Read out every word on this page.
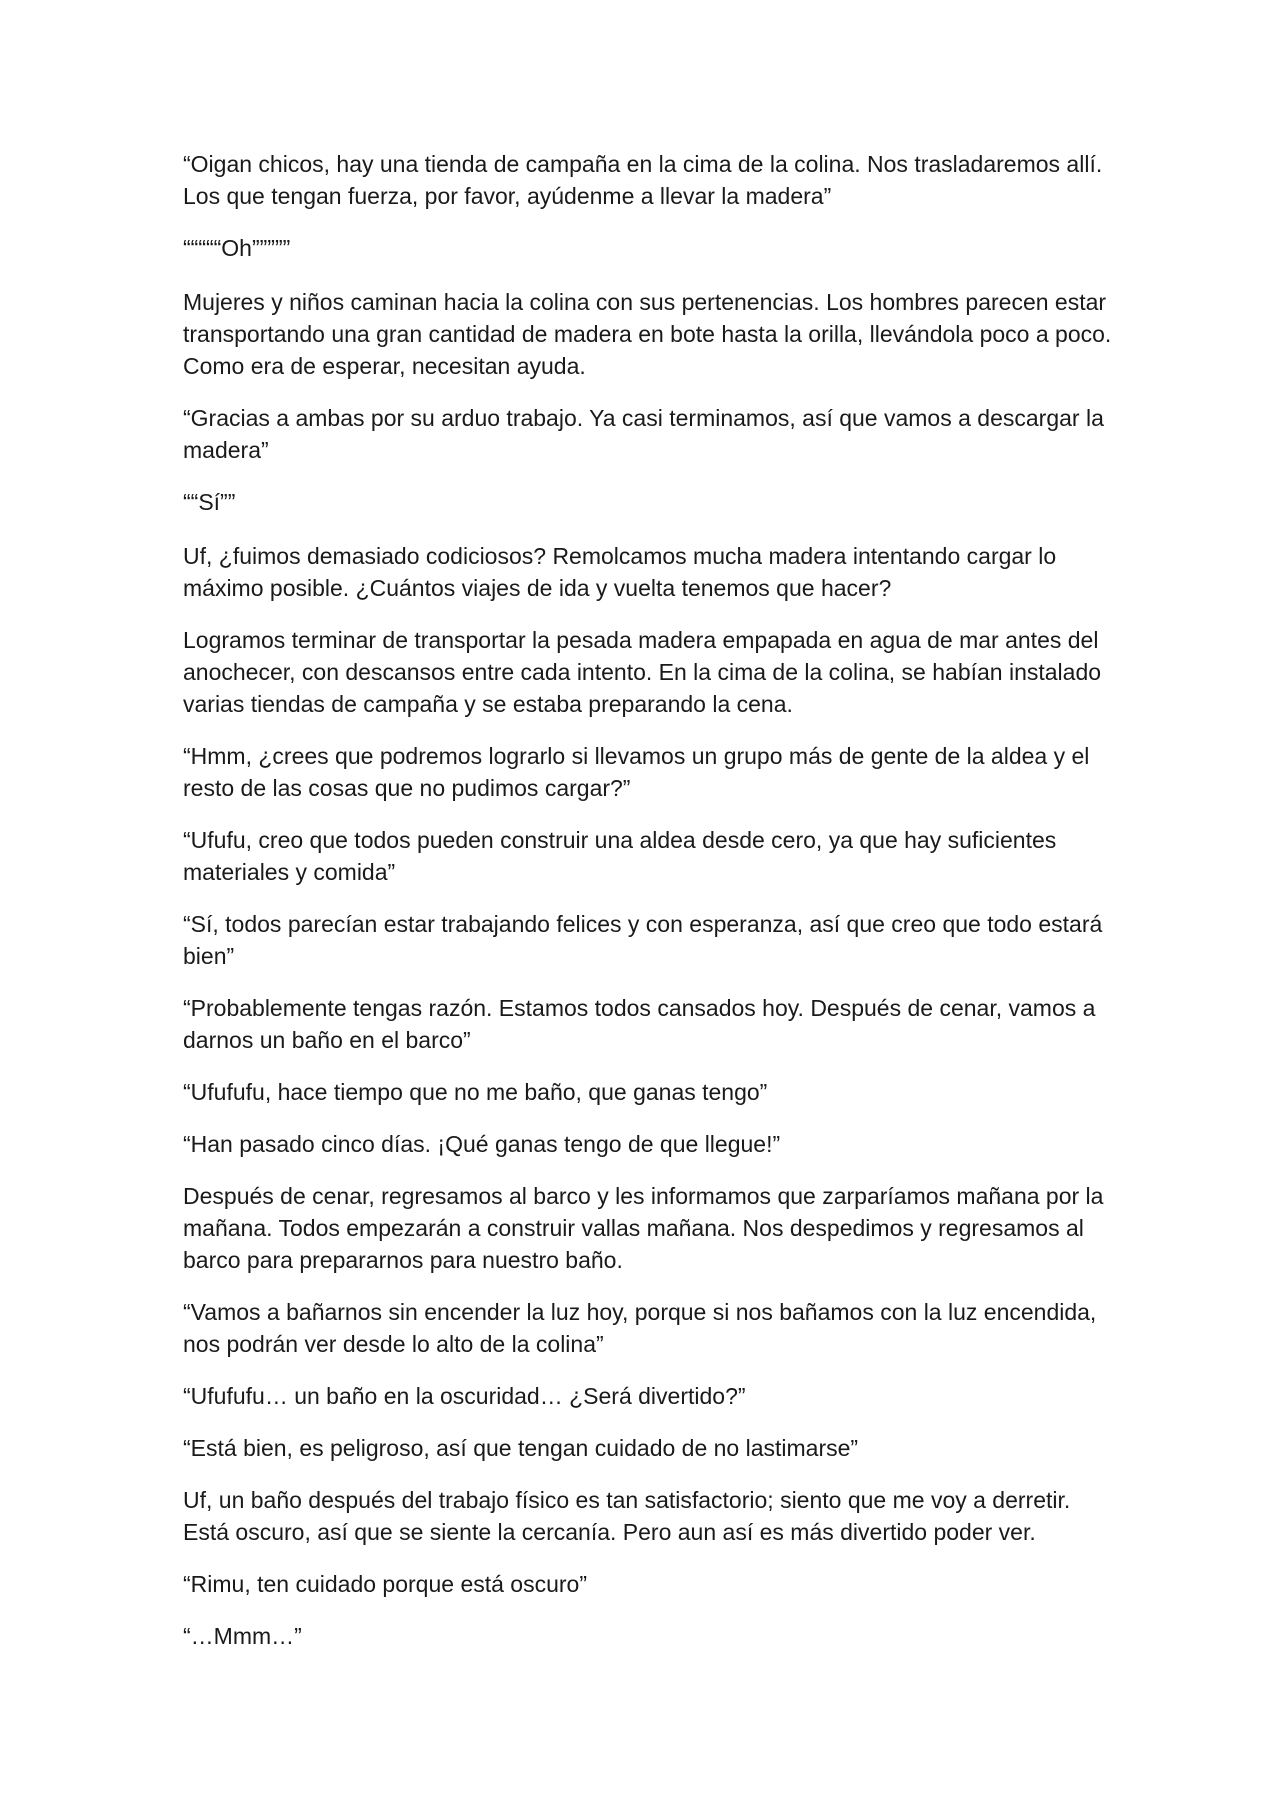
“Oigan chicos, hay una tienda de campaña en la cima de la colina. Nos trasladaremos allí. Los que tengan fuerza, por favor, ayúdenme a llevar la madera”

“““““Oh”””””

Mujeres y niños caminan hacia la colina con sus pertenencias. Los hombres parecen estar transportando una gran cantidad de madera en bote hasta la orilla, llevándola poco a poco. Como era de esperar, necesitan ayuda.

“Gracias a ambas por su arduo trabajo. Ya casi terminamos, así que vamos a descargar la madera”

““Sí””

Uf, ¿fuimos demasiado codiciosos? Remolcamos mucha madera intentando cargar lo máximo posible. ¿Cuántos viajes de ida y vuelta tenemos que hacer?

Logramos terminar de transportar la pesada madera empapada en agua de mar antes del anochecer, con descansos entre cada intento. En la cima de la colina, se habían instalado varias tiendas de campaña y se estaba preparando la cena.

“Hmm, ¿crees que podremos lograrlo si llevamos un grupo más de gente de la aldea y el resto de las cosas que no pudimos cargar?”

“Ufufu, creo que todos pueden construir una aldea desde cero, ya que hay suficientes materiales y comida”

“Sí, todos parecían estar trabajando felices y con esperanza, así que creo que todo estará bien”

“Probablemente tengas razón. Estamos todos cansados hoy. Después de cenar, vamos a darnos un baño en el barco”

“Ufufufu, hace tiempo que no me baño, que ganas tengo”

“Han pasado cinco días. ¡Qué ganas tengo de que llegue!”

Después de cenar, regresamos al barco y les informamos que zarparíamos mañana por la mañana. Todos empezarán a construir vallas mañana. Nos despedimos y regresamos al barco para prepararnos para nuestro baño.

“Vamos a bañarnos sin encender la luz hoy, porque si nos bañamos con la luz encendida, nos podrán ver desde lo alto de la colina”

“Ufufufu… un baño en la oscuridad… ¿Será divertido?”

“Está bien, es peligroso, así que tengan cuidado de no lastimarse”

Uf, un baño después del trabajo físico es tan satisfactorio; siento que me voy a derretir. Está oscuro, así que se siente la cercanía. Pero aun así es más divertido poder ver.

“Rimu, ten cuidado porque está oscuro”

“…Mmm…”
